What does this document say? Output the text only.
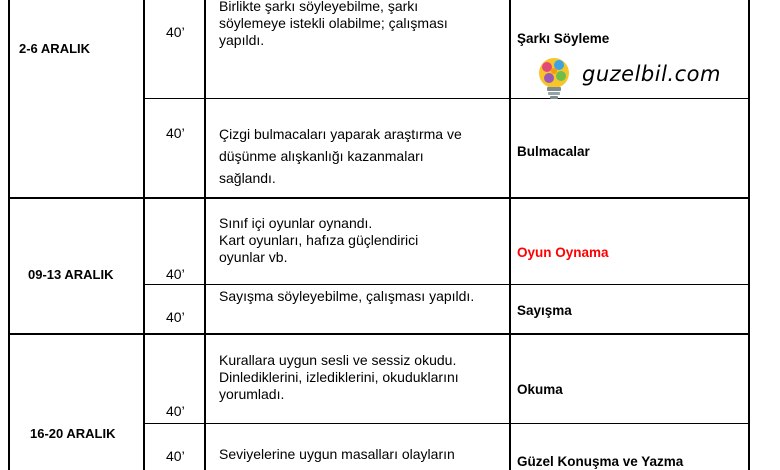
2-6 ARALIK
09-13 ARALIK
16-20 ARALIK
40’
40’
40’
40’
40’
40’
Birlikte şarkı söyleyebilme, şarkı
söylemeye istekli olabilme; çalışması
yapıldı.
Çizgi bulmacaları yaparak araştırma ve
düşünme alışkanlığı kazanmaları
sağlandı.
Sınıf içi oyunlar oynandı.
Kart oyunları, hafıza güçlendirici
oyunlar vb.
Sayışma söyleyebilme, çalışması yapıldı.
Kurallara uygun sesli ve sessiz okudu.
Dinlediklerini, izlediklerini, okuduklarını
yorumladı.
Seviyelerine uygun masalları olayların
Şarkı Söyleme
Bulmacalar
Oyun Oynama
Sayışma
Okuma
Güzel Konuşma ve Yazma
guzelbil.com
